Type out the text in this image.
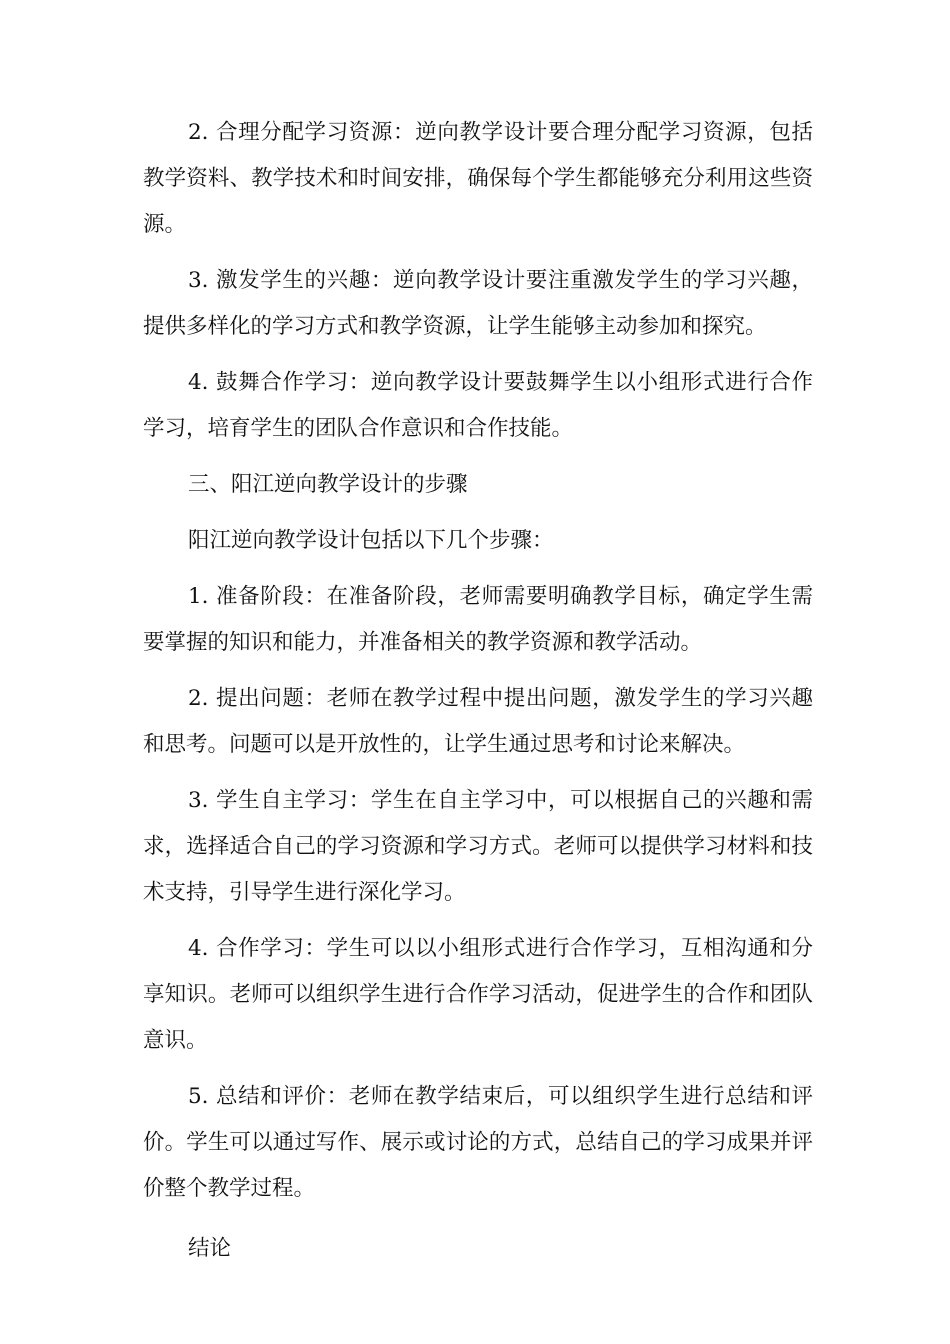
2. 合理分配学习资源：逆向教学设计要合理分配学习资源，包括教学资料、教学技术和时间安排，确保每个学生都能够充分利用这些资源。

3. 激发学生的兴趣：逆向教学设计要注重激发学生的学习兴趣，提供多样化的学习方式和教学资源，让学生能够主动参加和探究。

4. 鼓舞合作学习：逆向教学设计要鼓舞学生以小组形式进行合作学习，培育学生的团队合作意识和合作技能。

三、阳江逆向教学设计的步骤

阳江逆向教学设计包括以下几个步骤：

1. 准备阶段：在准备阶段，老师需要明确教学目标，确定学生需要掌握的知识和能力，并准备相关的教学资源和教学活动。

2. 提出问题：老师在教学过程中提出问题，激发学生的学习兴趣和思考。问题可以是开放性的，让学生通过思考和讨论来解决。

3. 学生自主学习：学生在自主学习中，可以根据自己的兴趣和需求，选择适合自己的学习资源和学习方式。老师可以提供学习材料和技术支持，引导学生进行深化学习。

4. 合作学习：学生可以以小组形式进行合作学习，互相沟通和分享知识。老师可以组织学生进行合作学习活动，促进学生的合作和团队意识。

5. 总结和评价：老师在教学结束后，可以组织学生进行总结和评价。学生可以通过写作、展示或讨论的方式，总结自己的学习成果并评价整个教学过程。

结论
